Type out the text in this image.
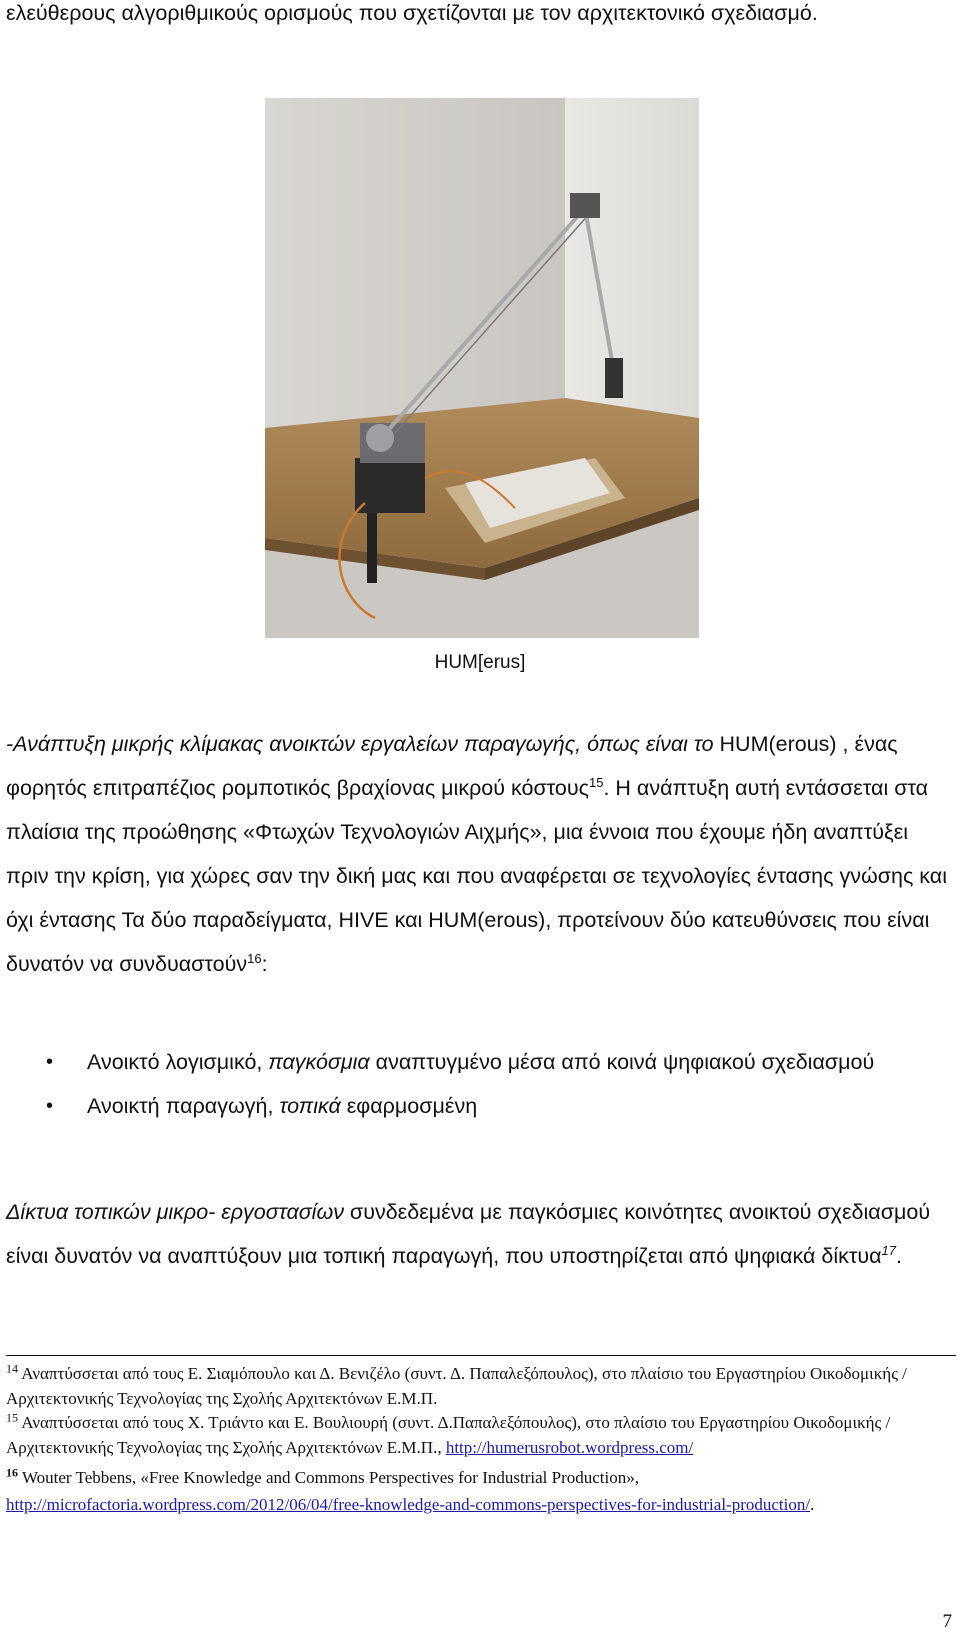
ελεύθερους αλγοριθμικούς ορισμούς που σχετίζονται με τον αρχιτεκτονικό σχεδιασμό.

HUM[erus]

-Ανάπτυξη μικρής κλίμακας ανοικτών εργαλείων παραγωγής, όπως είναι το HUM(erous) , ένας φορητός επιτραπέζιος ρομποτικός βραχίονας μικρού κόστους$^{15}$. Η ανάπτυξη αυτή εντάσσεται στα πλαίσια της προώθησης «Φτωχών Τεχνολογιών Αιχμής», μια έννοια που έχουμε ήδη αναπτύξει πριν την κρίση, για χώρες σαν την δική μας και που αναφέρεται σε τεχνολογίες έντασης γνώσης και όχι έντασης Τα δύο παραδείγματα, HIVE και HUM(erous), προτείνουν δύο κατευθύνσεις που είναι δυνατόν να συνδυαστούν$^{16}$:

• Ανοικτό λογισμικό, παγκόσμια αναπτυγμένο μέσα από κοινά ψηφιακού σχεδιασμού
• Ανοικτή παραγωγή, τοπικά εφαρμοσμένη

Δίκτυα τοπικών μικρο- εργοστασίων συνδεδεμένα με παγκόσμιες κοινότητες ανοικτού σχεδιασμού είναι δυνατόν να αναπτύξουν μια τοπική παραγωγή, που υποστηρίζεται από ψηφιακά δίκτυα$^{17}$.

$^{14}$ Αναπτύσσεται από τους Ε. Σιαμόπουλο και Δ. Βενιζέλο (συντ. Δ. Παπαλεξόπουλος), στο πλαίσιο του Εργαστηρίου Οικοδομικής / Αρχιτεκτονικής Τεχνολογίας της Σχολής Αρχιτεκτόνων Ε.Μ.Π.

$^{15}$ Αναπτύσσεται από τους Χ. Τριάντο και Ε. Βουλιουρή (συντ. Δ.Παπαλεξόπουλος), στο πλαίσιο του Εργαστηρίου Οικοδομικής / Αρχιτεκτονικής Τεχνολογίας της Σχολής Αρχιτεκτόνων Ε.Μ.Π., http://humerusrobot.wordpress.com/

$^{16}$ Wouter Tebbens, «Free Knowledge and Commons Perspectives for Industrial Production»,
http://microfactoria.wordpress.com/2012/06/04/free-knowledge-and-commons-perspectives-for-industrial-production/.

7
